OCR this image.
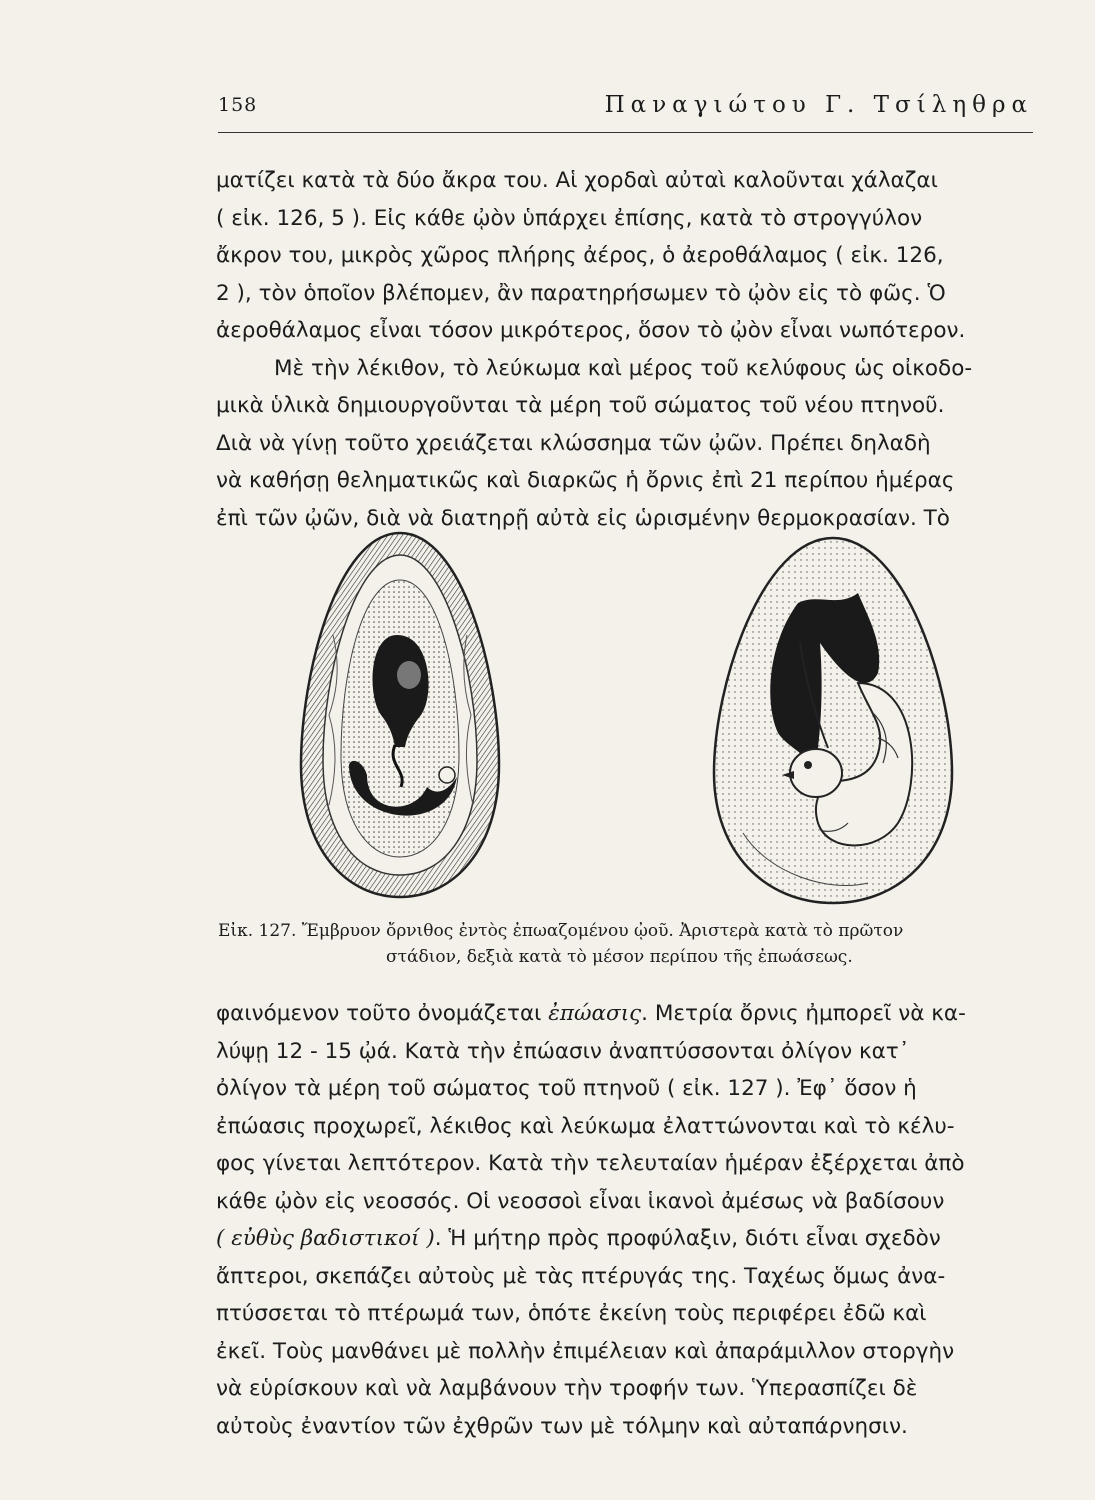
158	Παναγιώτου Γ. Τσίληθρα
ματίζει κατὰ τὰ δύο ἄκρα του. Αἱ χορδαὶ αὐταὶ καλοῦνται χάλαζαι
( εἰκ. 126, 5 ). Εἰς κάθε ᾠὸν ὑπάρχει ἐπίσης, κατὰ τὸ στρογγύλον
ἄκρον του, μικρὸς χῶρος πλήρης ἀέρος, ὁ ἀεροθάλαμος ( εἰκ. 126,
2 ), τὸν ὁποῖον βλέπομεν, ἂν παρατηρήσωμεν τὸ ᾠὸν εἰς τὸ φῶς. Ὁ
ἀεροθάλαμος εἶναι τόσον μικρότερος, ὅσον τὸ ᾠὸν εἶναι νωπότερον.
Μὲ τὴν λέκιθον, τὸ λεύκωμα καὶ μέρος τοῦ κελύφους ὡς οἰκοδο-
μικὰ ὑλικὰ δημιουργοῦνται τὰ μέρη τοῦ σώματος τοῦ νέου πτηνοῦ.
Διὰ νὰ γίνῃ τοῦτο χρειάζεται κλώσσημα τῶν ᾠῶν. Πρέπει δηλαδὴ
νὰ καθήσῃ θεληματικῶς καὶ διαρκῶς ἡ ὄρνις ἐπὶ 21 περίπου ἡμέρας
ἐπὶ τῶν ᾠῶν, διὰ νὰ διατηρῇ αὐτὰ εἰς ὡρισμένην θερμοκρασίαν. Τὸ
Εἰκ. 127. Ἔμβρυον ὄρνιθος ἐντὸς ἐπωαζομένου ᾠοῦ. Ἀριστερὰ κατὰ τὸ πρῶτον
στάδιον, δεξιὰ κατὰ τὸ μέσον περίπου τῆς ἐπωάσεως.
φαινόμενον τοῦτο ὀνομάζεται ἐπώασις. Μετρία ὄρνις ἠμπορεῖ νὰ κα-
λύψῃ 12 - 15 ᾠά. Κατὰ τὴν ἐπώασιν ἀναπτύσσονται ὀλίγον κατ᾽
ὀλίγον τὰ μέρη τοῦ σώματος τοῦ πτηνοῦ ( εἰκ. 127 ). Ἐφ᾽ ὅσον ἡ
ἐπώασις προχωρεῖ, λέκιθος καὶ λεύκωμα ἐλαττώνονται καὶ τὸ κέλυ-
φος γίνεται λεπτότερον. Κατὰ τὴν τελευταίαν ἡμέραν ἐξέρχεται ἀπὸ
κάθε ᾠὸν εἰς νεοσσός. Οἱ νεοσσοὶ εἶναι ἱκανοὶ ἀμέσως νὰ βαδίσουν
( εὐθὺς βαδιστικοί ). Ἡ μήτηρ πρὸς προφύλαξιν, διότι εἶναι σχεδὸν
ἄπτεροι, σκεπάζει αὐτοὺς μὲ τὰς πτέρυγάς της. Ταχέως ὅμως ἀνα-
πτύσσεται τὸ πτέρωμά των, ὁπότε ἐκείνη τοὺς περιφέρει ἐδῶ καὶ
ἐκεῖ. Τοὺς μανθάνει μὲ πολλὴν ἐπιμέλειαν καὶ ἀπαράμιλλον στοργὴν
νὰ εὑρίσκουν καὶ νὰ λαμβάνουν τὴν τροφήν των. Ὑπερασπίζει δὲ
αὐτοὺς ἐναντίον τῶν ἐχθρῶν των μὲ τόλμην καὶ αὐταπάρνησιν.
